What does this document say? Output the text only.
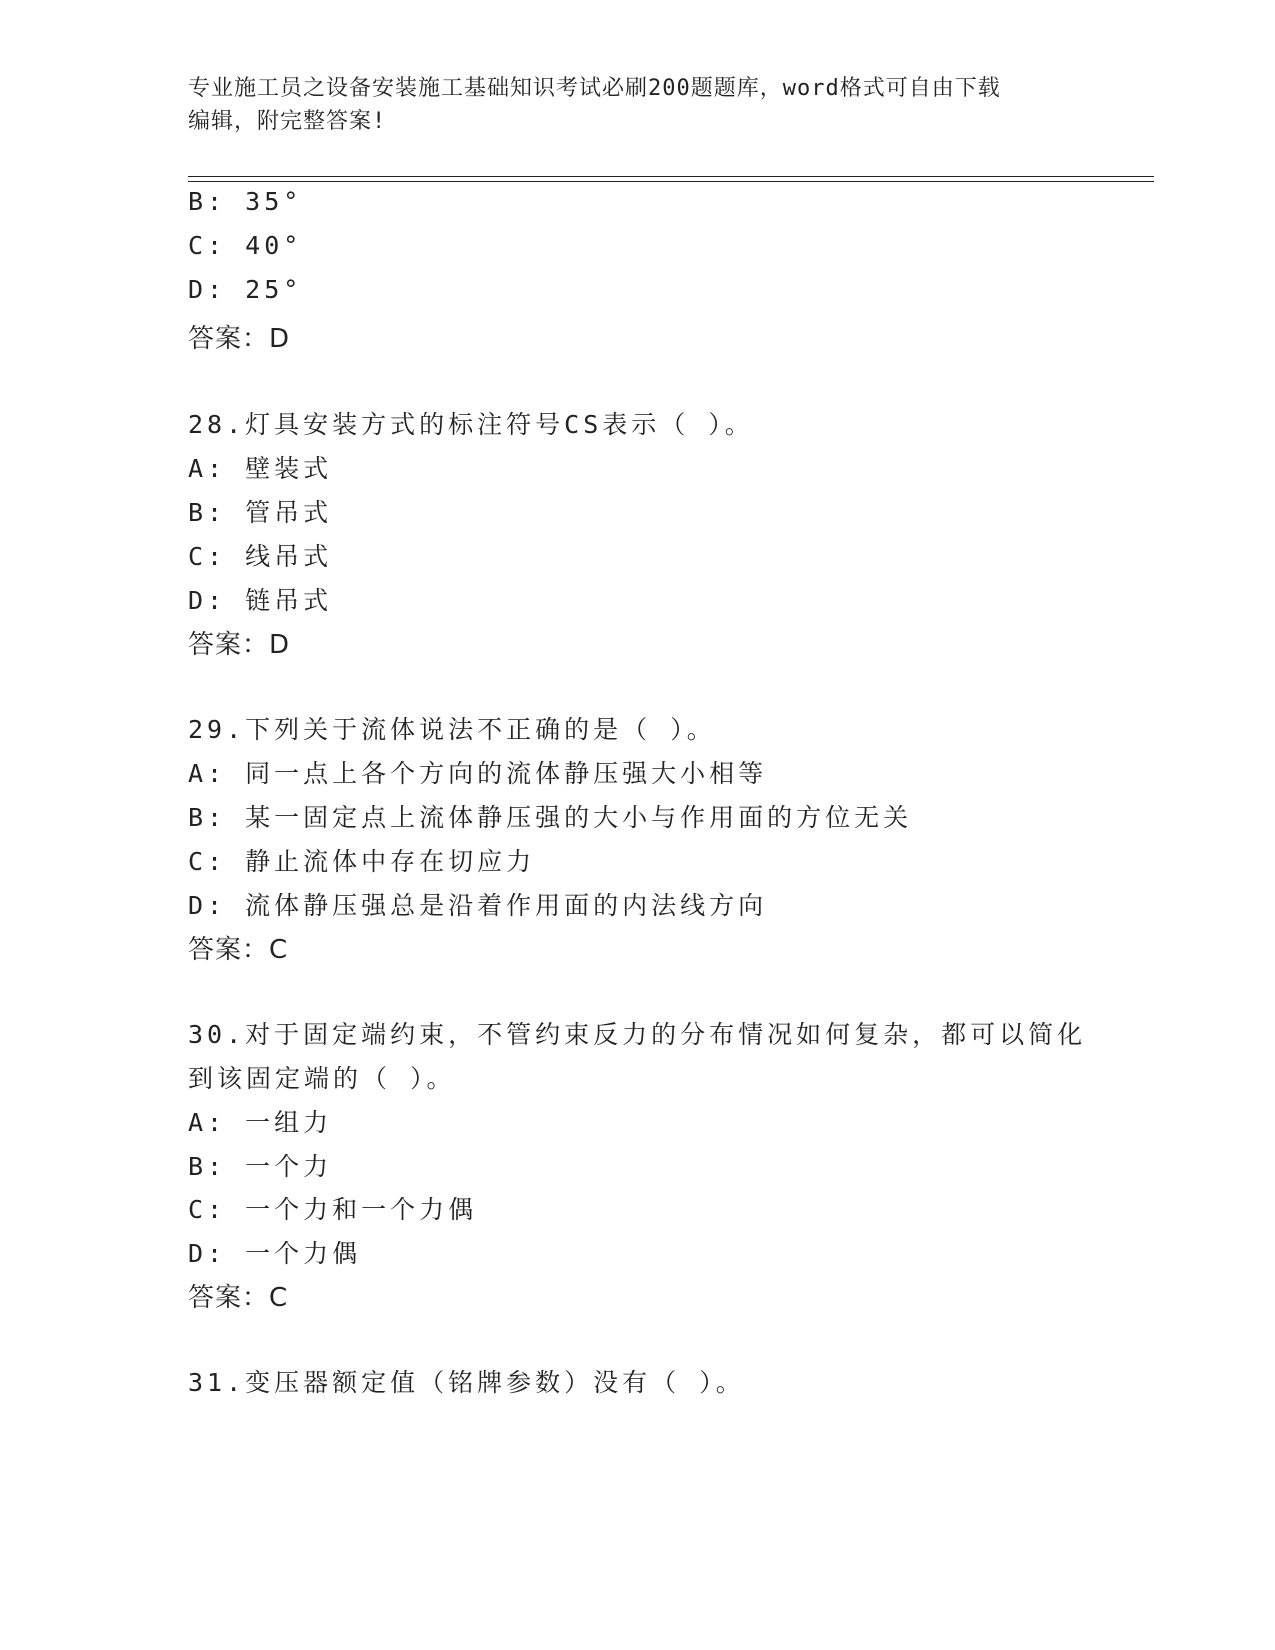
专业施工员之设备安装施工基础知识考试必刷200题题库，word格式可自由下载
编辑，附完整答案!
B: 35°
C: 40°
D: 25°
答案：D
28.灯具安装方式的标注符号CS表示（ ）。
A: 壁装式
B: 管吊式
C: 线吊式
D: 链吊式
答案：D
29.下列关于流体说法不正确的是（ ）。
A: 同一点上各个方向的流体静压强大小相等
B: 某一固定点上流体静压强的大小与作用面的方位无关
C: 静止流体中存在切应力
D: 流体静压强总是沿着作用面的内法线方向
答案：C
30.对于固定端约束，不管约束反力的分布情况如何复杂，都可以简化
到该固定端的（ ）。
A: 一组力
B: 一个力
C: 一个力和一个力偶
D: 一个力偶
答案：C
31.变压器额定值（铭牌参数）没有（ ）。
